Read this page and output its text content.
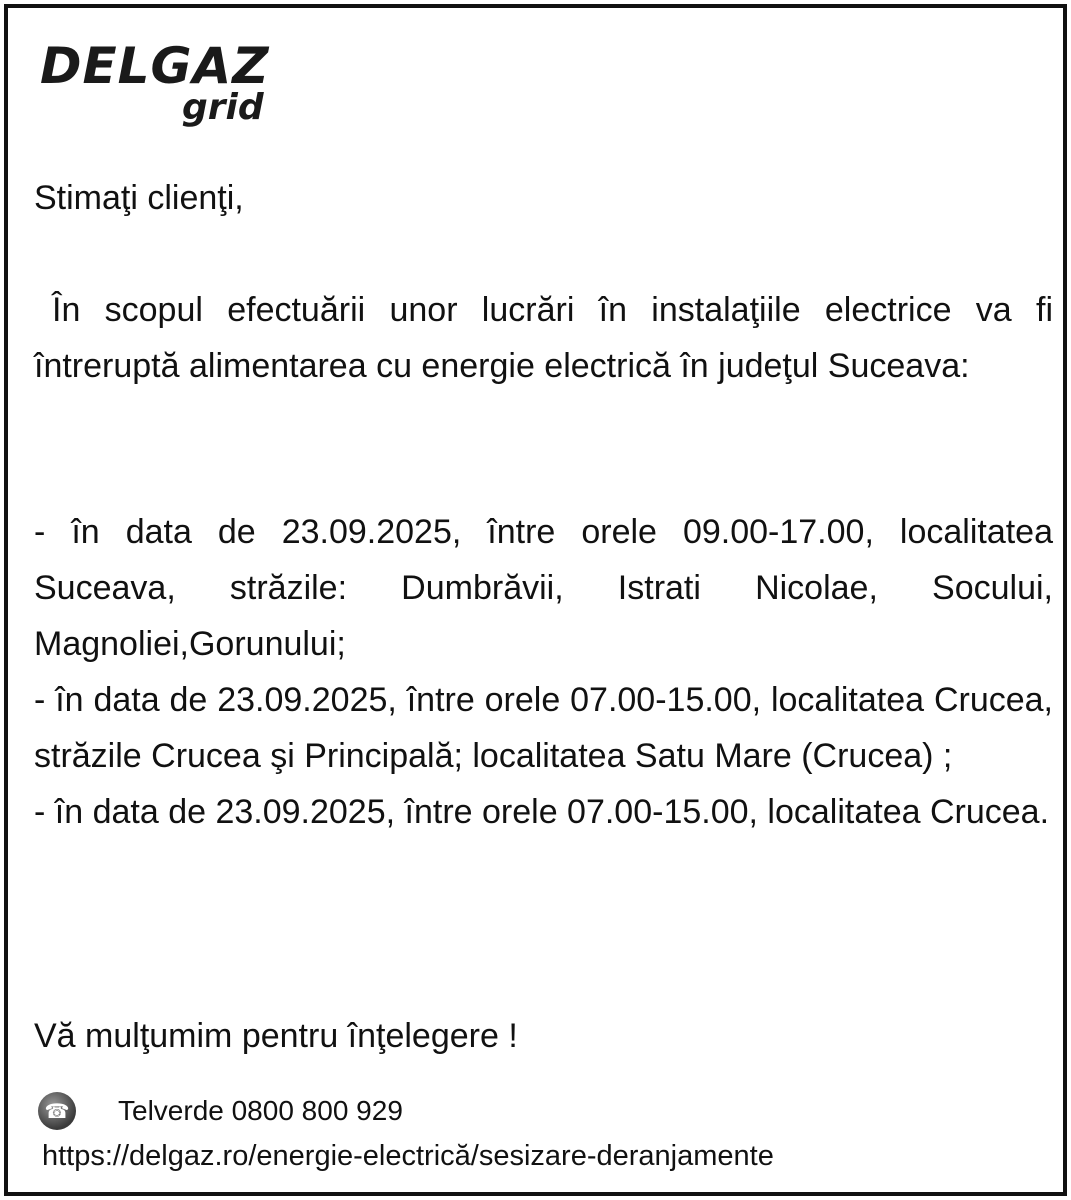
DELGAZ
grid
Stimaţi clienţi,
În scopul efectuării unor lucrări în instalaţiile electrice va fi întreruptă alimentarea cu energie electrică în judeţul Suceava:

- în data de 23.09.2025, între orele 09.00-17.00, localitatea Suceava, străzile: Dumbrăvii, Istrati Nicolae, Socului, Magnoliei,Gorunului;

- în data de 23.09.2025, între orele 07.00-15.00, localitatea Crucea, străzile Crucea şi Principală; localitatea Satu Mare (Crucea) ;

- în data de 23.09.2025, între orele 07.00-15.00, localitatea Crucea.

Vă mulţumim pentru înţelegere !
☎ Telverde 0800 800 929
https://delgaz.ro/energie-electrică/sesizare-deranjamente
